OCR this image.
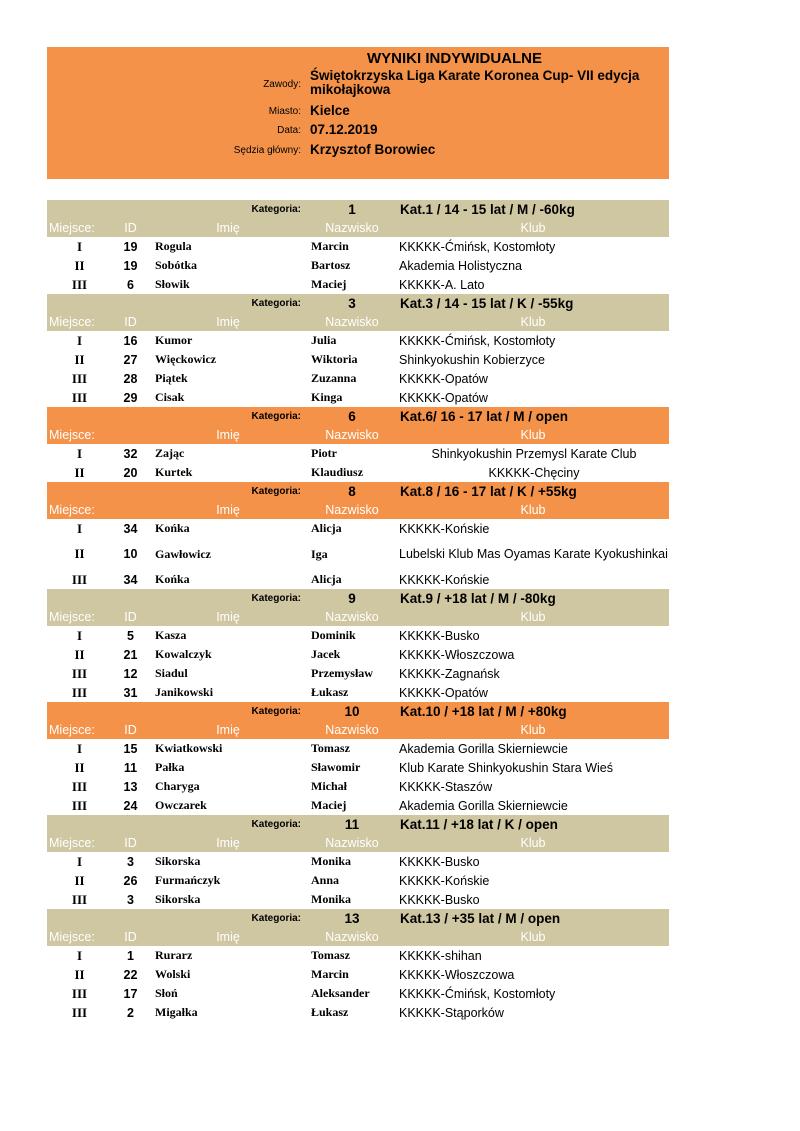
WYNIKI INDYWIDUALNE
Zawody:
Świętokrzyska Liga Karate Koronea Cup- VII edycja mikołajkowa
Miasto: Kielce
Data: 07.12.2019
Sędzia główny: Krzysztof Borowiec
		Kategoria:	1	Kat.1 / 14 - 15 lat / M / -60kg
Miejsce:	ID	Imię	Nazwisko	Klub
I	19	Rogula	Marcin	KKKKK-Ćmińsk, Kostomłoty
II	19	Sobótka	Bartosz	Akademia Holistyczna
III	6	Słowik	Maciej	KKKKK-A. Lato
		Kategoria:	3	Kat.3 / 14 - 15 lat / K / -55kg
Miejsce:	ID	Imię	Nazwisko	Klub
I	16	Kumor	Julia	KKKKK-Ćmińsk, Kostomłoty
II	27	Więckowicz	Wiktoria	Shinkyokushin Kobierzyce
III	28	Piątek	Zuzanna	KKKKK-Opatów
III	29	Cisak	Kinga	KKKKK-Opatów
		Kategoria:	6	Kat.6/ 16 - 17 lat / M / open
Miejsce:		Imię	Nazwisko	Klub
I	32	Zając	Piotr	Shinkyokushin Przemysl Karate Club
II	20	Kurtek	Klaudiusz	KKKKK-Chęciny
		Kategoria:	8	Kat.8 / 16 - 17 lat / K / +55kg
Miejsce:		Imię	Nazwisko	Klub
I	34	Końka	Alicja	KKKKK-Końskie
II	10	Gawłowicz	Iga	Lubelski Klub Mas Oyamas Karate Kyokushinkai
III	34	Końka	Alicja	KKKKK-Końskie
		Kategoria:	9	Kat.9 / +18 lat / M / -80kg
Miejsce:	ID	Imię	Nazwisko	Klub
I	5	Kasza	Dominik	KKKKK-Busko
II	21	Kowalczyk	Jacek	KKKKK-Włoszczowa
III	12	Siadul	Przemysław	KKKKK-Zagnańsk
III	31	Janikowski	Łukasz	KKKKK-Opatów
		Kategoria:	10	Kat.10 / +18 lat / M / +80kg
Miejsce:	ID	Imię	Nazwisko	Klub
I	15	Kwiatkowski	Tomasz	Akademia Gorilla Skierniewcie
II	11	Pałka	Sławomir	Klub Karate Shinkyokushin Stara Wieś
III	13	Charyga	Michał	KKKKK-Staszów
III	24	Owczarek	Maciej	Akademia Gorilla Skierniewcie
		Kategoria:	11	Kat.11 / +18 lat / K / open
Miejsce:	ID	Imię	Nazwisko	Klub
I	3	Sikorska	Monika	KKKKK-Busko
II	26	Furmańczyk	Anna	KKKKK-Końskie
III	3	Sikorska	Monika	KKKKK-Busko
		Kategoria:	13	Kat.13 / +35 lat / M / open
Miejsce:	ID	Imię	Nazwisko	Klub
I	1	Rurarz	Tomasz	KKKKK-shihan
II	22	Wolski	Marcin	KKKKK-Włoszczowa
III	17	Słoń	Aleksander	KKKKK-Ćmińsk, Kostomłoty
III	2	Migałka	Łukasz	KKKKK-Stąporków
